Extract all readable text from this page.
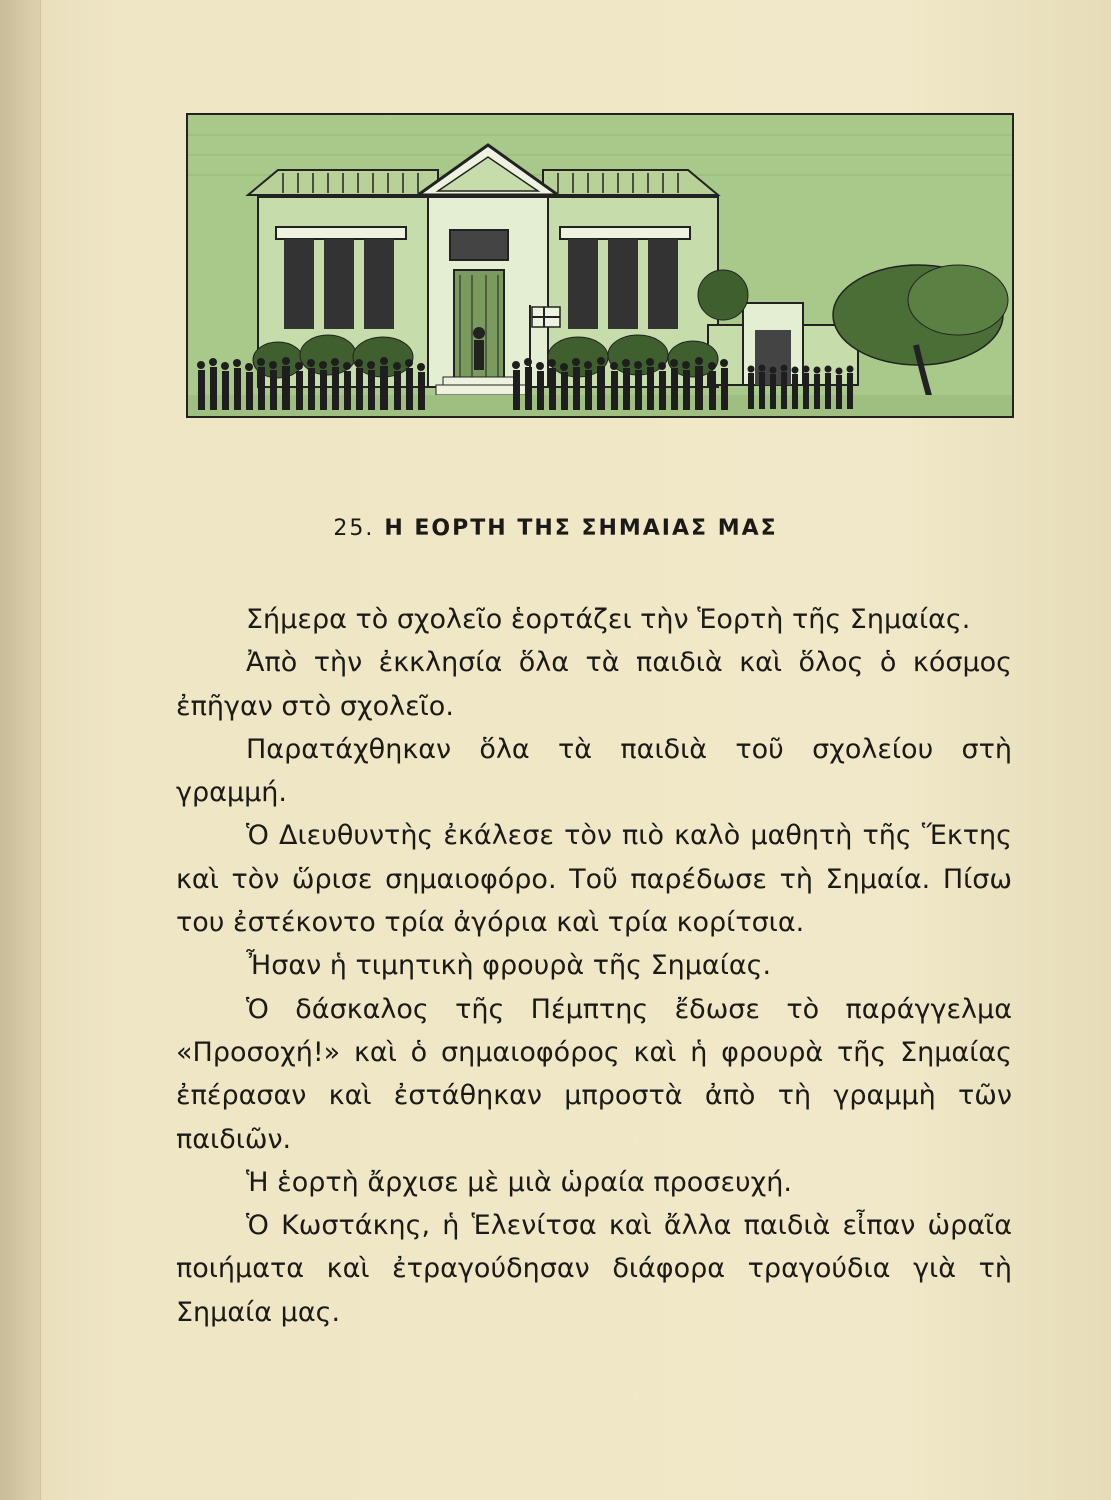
25. Η ΕΟΡΤΗ ΤΗΣ ΣΗΜΑΙΑΣ ΜΑΣ

Σήμερα τὸ σχολεῖο ἑορτάζει τὴν Ἑορτὴ τῆς Σημαίας.

Ἀπὸ τὴν ἐκκλησία ὅλα τὰ παιδιὰ καὶ ὅλος ὁ κόσμος ἐπῆγαν στὸ σχολεῖο.

Παρατάχθηκαν ὅλα τὰ παιδιὰ τοῦ σχολείου στὴ γραμμή.

Ὁ Διευθυντὴς ἐκάλεσε τὸν πιὸ καλὸ μαθητὴ τῆς Ἕκτης καὶ τὸν ὥρισε σημαιοφόρο. Τοῦ παρέδωσε τὴ Σημαία. Πίσω του ἐστέκοντο τρία ἀγόρια καὶ τρία κορίτσια.

Ἦσαν ἡ τιμητικὴ φρουρὰ τῆς Σημαίας.

Ὁ δάσκαλος τῆς Πέμπτης ἔδωσε τὸ παράγγελμα «Προσοχή!» καὶ ὁ σημαιοφόρος καὶ ἡ φρουρὰ τῆς Σημαίας ἐπέρασαν καὶ ἐστάθηκαν μπροστὰ ἀπὸ τὴ γραμμὴ τῶν παιδιῶν.

Ἡ ἑορτὴ ἄρχισε μὲ μιὰ ὡραία προσευχή.

Ὁ Κωστάκης, ἡ Ἑλενίτσα καὶ ἄλλα παιδιὰ εἶπαν ὡραῖα ποιήματα καὶ ἐτραγούδησαν διάφορα τραγούδια γιὰ τὴ Σημαία μας.
